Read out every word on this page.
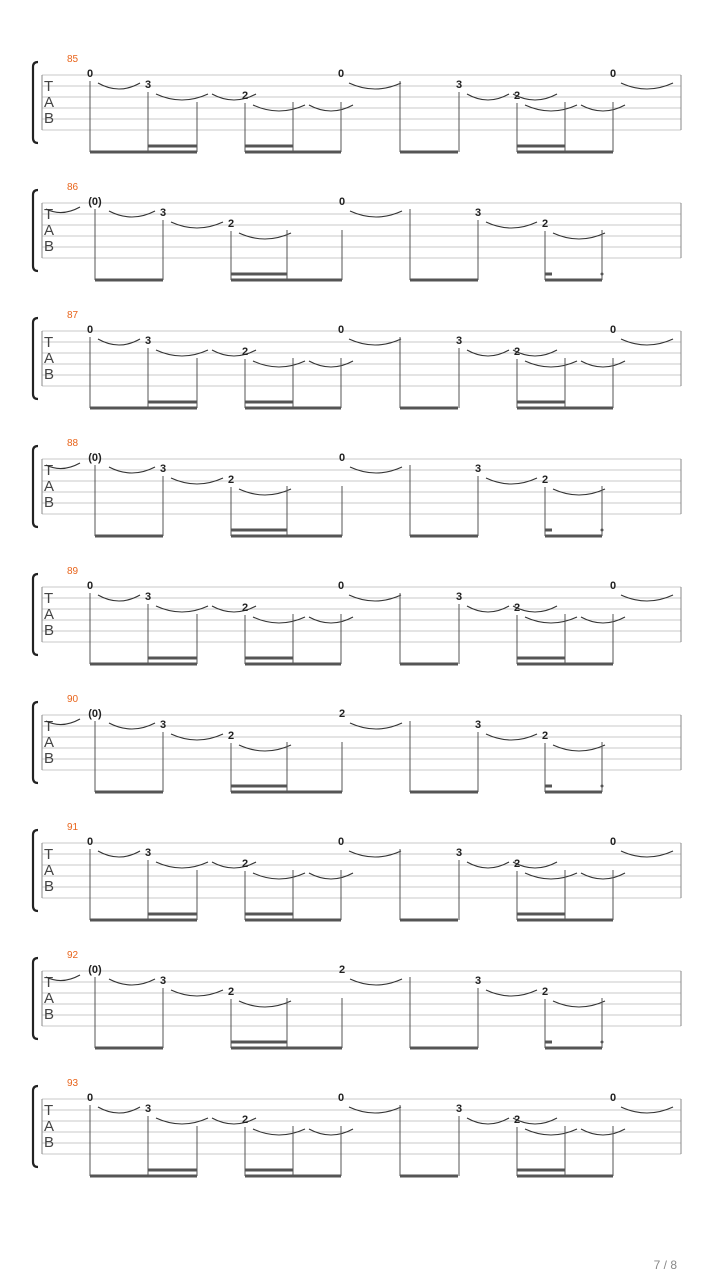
T
A
B
85
0
3
2
0
3
2
0
T
A
B
86
(0)
3
2
0
3
2
T
A
B
87
0
3
2
0
3
2
0
T
A
B
88
(0)
3
2
0
3
2
T
A
B
89
0
3
2
0
3
2
0
T
A
B
90
(0)
3
2
2
3
2
T
A
B
91
0
3
2
0
3
2
0
T
A
B
92
(0)
3
2
2
3
2
T
A
B
93
0
3
2
0
3
2
0
7 / 8
